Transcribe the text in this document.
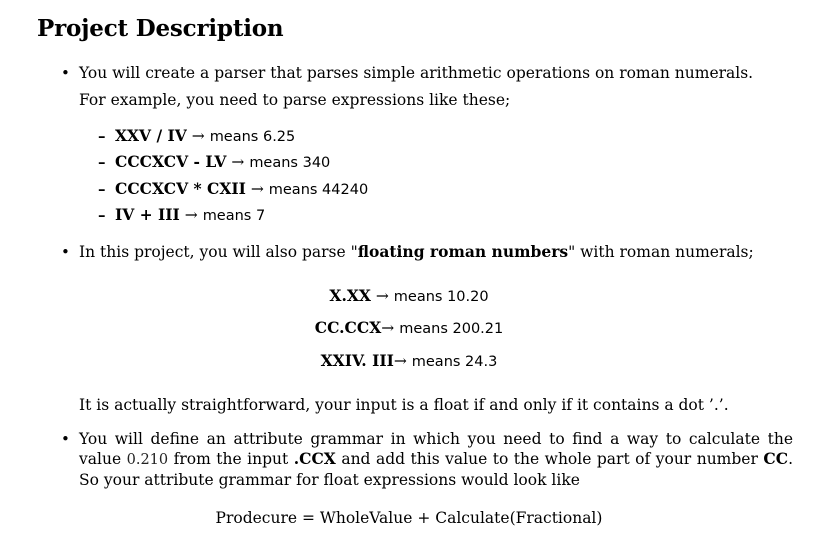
Project Description
• You will create a parser that parses simple arithmetic operations on roman numerals.
For example, you need to parse expressions like these;
– XXV / IV → means 6.25
– CCCXCV - LV → means 340
– CCCXCV * CXII → means 44240
– IV + III → means 7
• In this project, you will also parse "floating roman numbers" with roman numerals;
X.XX → means 10.20
CC.CCX→ means 200.21
XXIV. III→ means 24.3
It is actually straightforward, your input is a float if and only if it contains a dot ’.’.
• You will define an attribute grammar in which you need to find a way to calculate the value 0.210 from the input .CCX and add this value to the whole part of your number CC. So your attribute grammar for float expressions would look like
Prodecure = WholeValue + Calculate(Fractional)
